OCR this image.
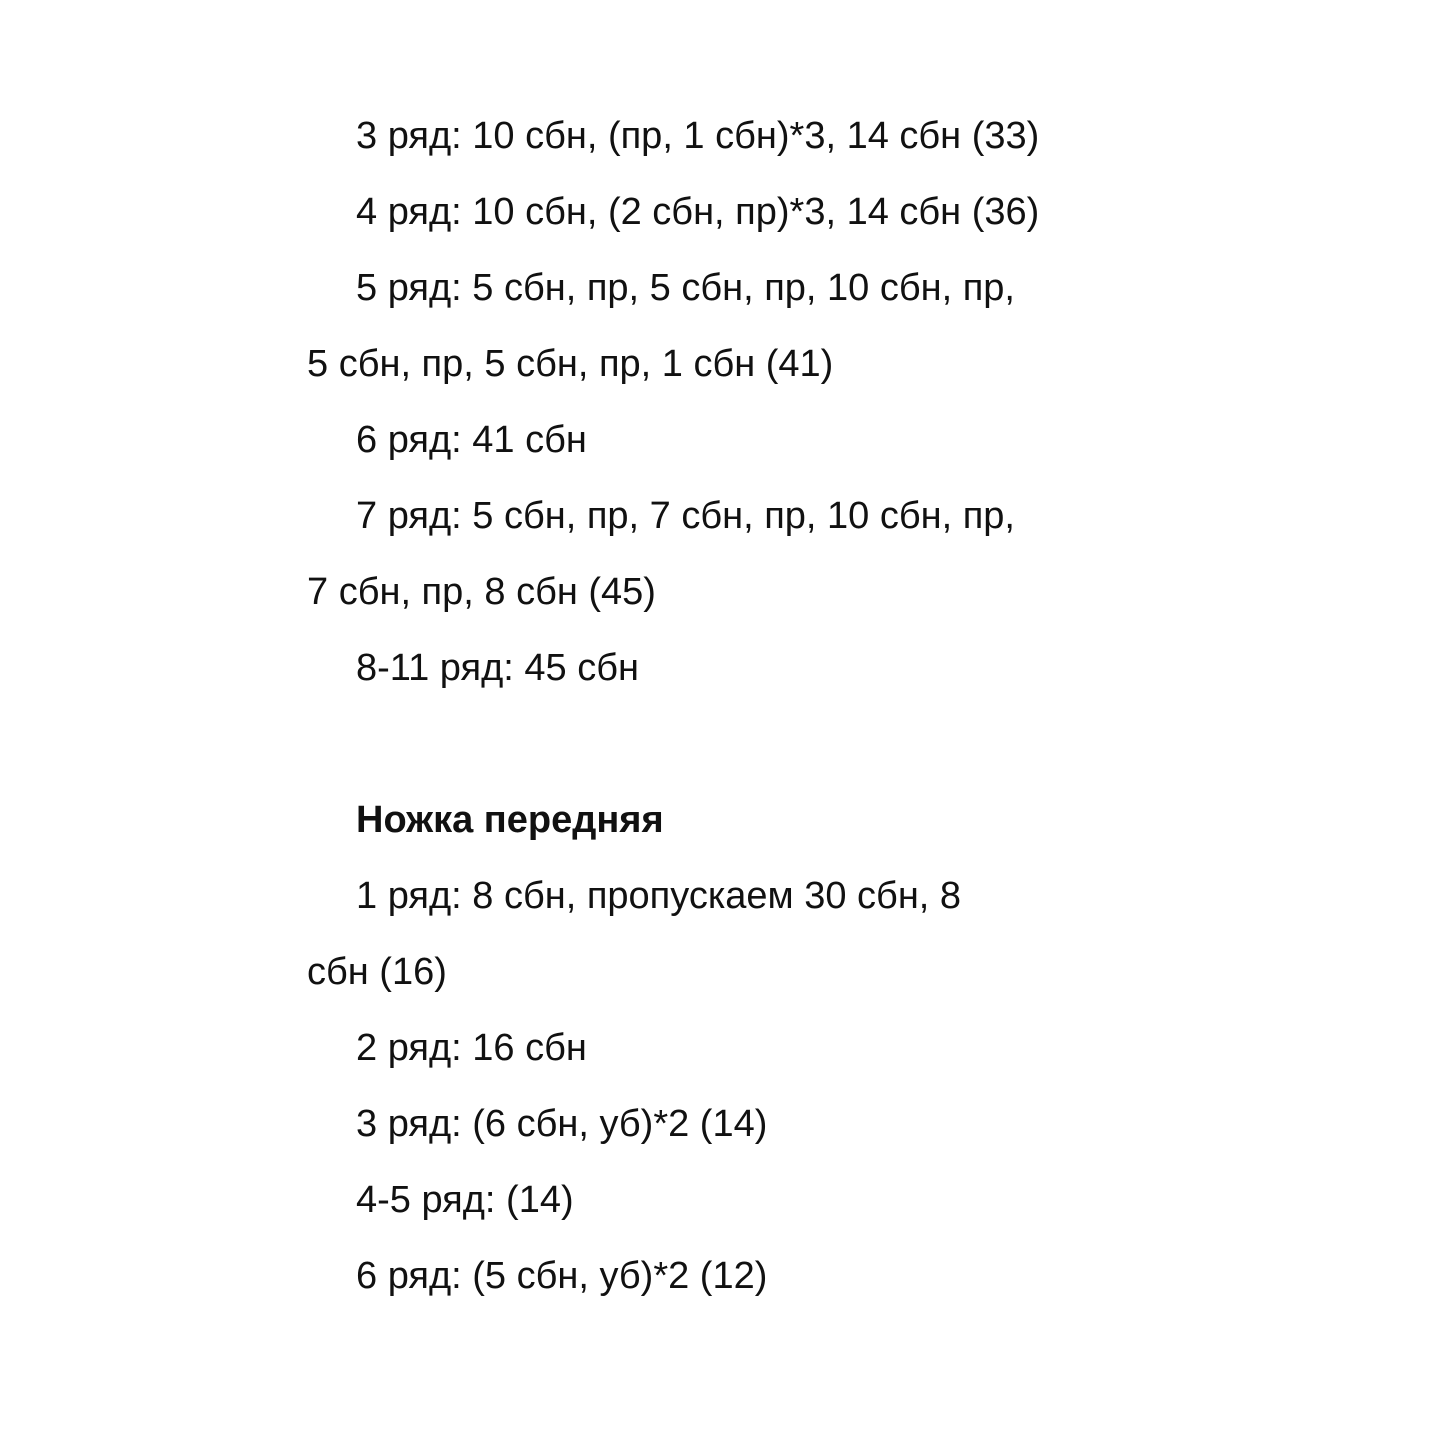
3 ряд: 10 сбн, (пр, 1 сбн)*3, 14 сбн (33)
4 ряд: 10 сбн, (2 сбн, пр)*3, 14 сбн (36)
5 ряд: 5 сбн, пр, 5 сбн, пр, 10 сбн, пр,
5 сбн, пр, 5 сбн, пр, 1 сбн (41)
6 ряд: 41 сбн
7 ряд: 5 сбн, пр, 7 сбн, пр, 10 сбн, пр,
7 сбн, пр, 8 сбн (45)
8-11 ряд: 45 сбн
Ножка передняя
1 ряд: 8 сбн, пропускаем 30 сбн, 8
сбн (16)
2 ряд: 16 сбн
3 ряд: (6 сбн, уб)*2 (14)
4-5 ряд: (14)
6 ряд: (5 сбн, уб)*2 (12)
